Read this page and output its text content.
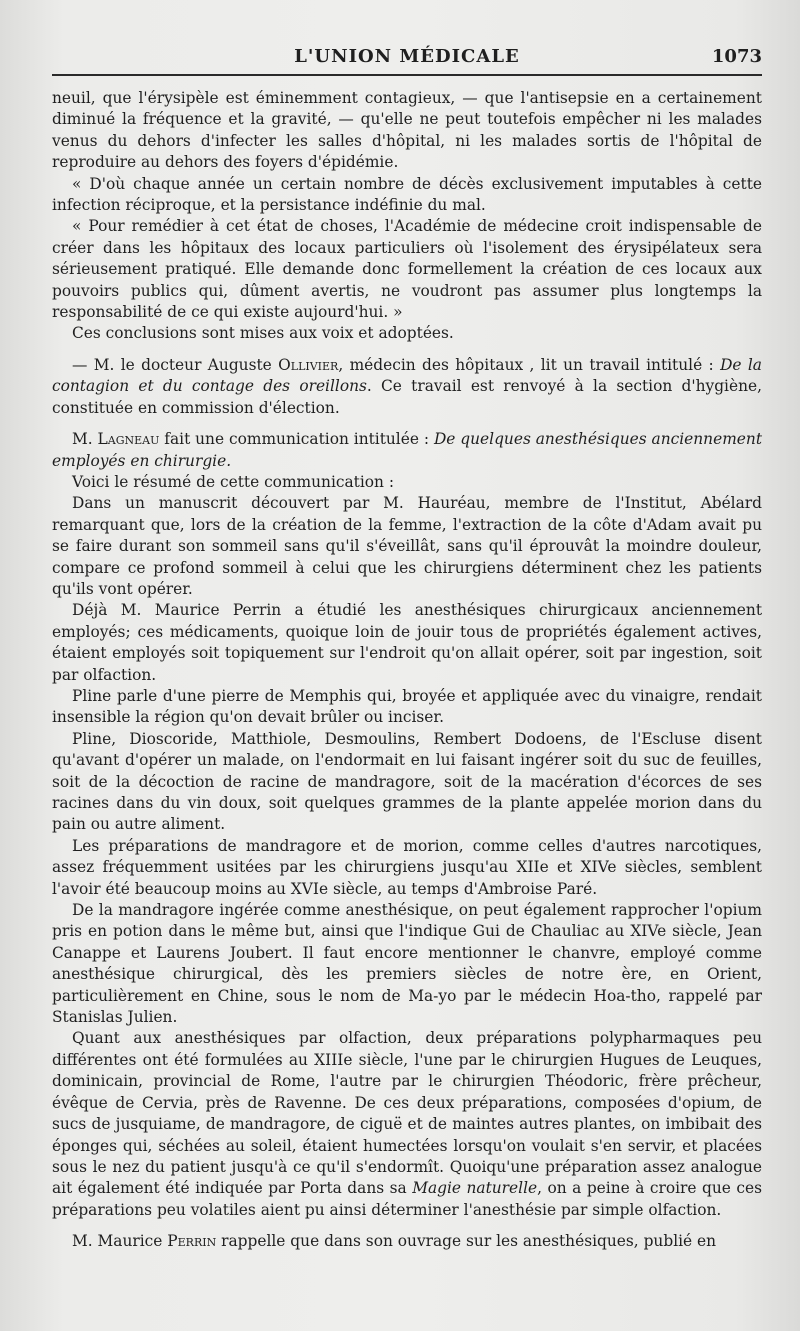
L'UNION MÉDICALE	1073

neuil, que l'érysipèle est éminemment contagieux, — que l'antisepsie en a certainement diminué la fréquence et la gravité, — qu'elle ne peut toutefois empêcher ni les malades venus du dehors d'infecter les salles d'hôpital, ni les malades sortis de l'hôpital de reproduire au dehors des foyers d'épidémie.

« D'où chaque année un certain nombre de décès exclusivement imputables à cette infection réciproque, et la persistance indéfinie du mal.

« Pour remédier à cet état de choses, l'Académie de médecine croit indispensable de créer dans les hôpitaux des locaux particuliers où l'isolement des érysipélateux sera sérieusement pratiqué. Elle demande donc formellement la création de ces locaux aux pouvoirs publics qui, dûment avertis, ne voudront pas assumer plus longtemps la responsabilité de ce qui existe aujourd'hui. »

Ces conclusions sont mises aux voix et adoptées.

— M. le docteur Auguste Ollivier, médecin des hôpitaux , lit un travail intitulé : De la contagion et du contage des oreillons. Ce travail est renvoyé à la section d'hygiène, constituée en commission d'élection.

M. Lagneau fait une communication intitulée : De quelques anesthésiques anciennement employés en chirurgie.

Voici le résumé de cette communication :

Dans un manuscrit découvert par M. Hauréau, membre de l'Institut, Abélard remarquant que, lors de la création de la femme, l'extraction de la côte d'Adam avait pu se faire durant son sommeil sans qu'il s'éveillât, sans qu'il éprouvât la moindre douleur, compare ce profond sommeil à celui que les chirurgiens déterminent chez les patients qu'ils vont opérer.

Déjà M. Maurice Perrin a étudié les anesthésiques chirurgicaux anciennement employés; ces médicaments, quoique loin de jouir tous de propriétés également actives, étaient employés soit topiquement sur l'endroit qu'on allait opérer, soit par ingestion, soit par olfaction.

Pline parle d'une pierre de Memphis qui, broyée et appliquée avec du vinaigre, rendait insensible la région qu'on devait brûler ou inciser.

Pline, Dioscoride, Matthiole, Desmoulins, Rembert Dodoens, de l'Escluse disent qu'avant d'opérer un malade, on l'endormait en lui faisant ingérer soit du suc de feuilles, soit de la décoction de racine de mandragore, soit de la macération d'écorces de ses racines dans du vin doux, soit quelques grammes de la plante appelée morion dans du pain ou autre aliment.

Les préparations de mandragore et de morion, comme celles d'autres narcotiques, assez fréquemment usitées par les chirurgiens jusqu'au XIIe et XIVe siècles, semblent l'avoir été beaucoup moins au XVIe siècle, au temps d'Ambroise Paré.

De la mandragore ingérée comme anesthésique, on peut également rapprocher l'opium pris en potion dans le même but, ainsi que l'indique Gui de Chauliac au XIVe siècle, Jean Canappe et Laurens Joubert. Il faut encore mentionner le chanvre, employé comme anesthésique chirurgical, dès les premiers siècles de notre ère, en Orient, particulièrement en Chine, sous le nom de Ma-yo par le médecin Hoa-tho, rappelé par Stanislas Julien.

Quant aux anesthésiques par olfaction, deux préparations polypharmaques peu différentes ont été formulées au XIIIe siècle, l'une par le chirurgien Hugues de Leuques, dominicain, provincial de Rome, l'autre par le chirurgien Théodoric, frère prêcheur, évêque de Cervia, près de Ravenne. De ces deux préparations, composées d'opium, de sucs de jusquiame, de mandragore, de ciguë et de maintes autres plantes, on imbibait des éponges qui, séchées au soleil, étaient humectées lorsqu'on voulait s'en servir, et placées sous le nez du patient jusqu'à ce qu'il s'endormît. Quoiqu'une préparation assez analogue ait également été indiquée par Porta dans sa Magie naturelle, on a peine à croire que ces préparations peu volatiles aient pu ainsi déterminer l'anesthésie par simple olfaction.

M. Maurice Perrin rappelle que dans son ouvrage sur les anesthésiques, publié en
